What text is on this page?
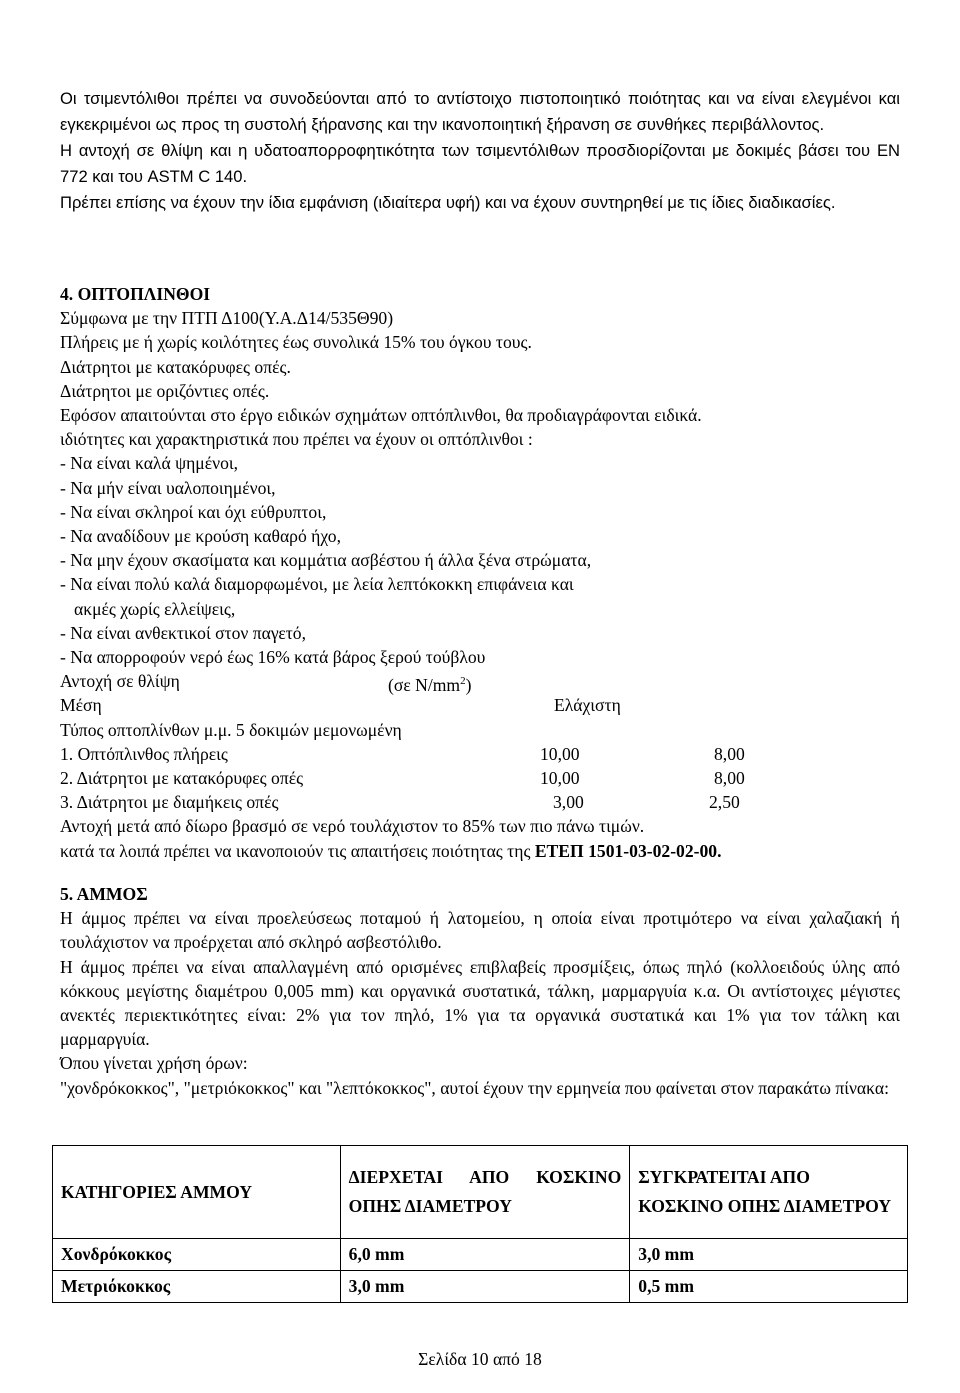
Οι τσιμεντόλιθοι πρέπει να συνοδεύονται από το αντίστοιχο πιστοποιητικό ποιότητας και να είναι ελεγμένοι και εγκεκριμένοι ως προς τη συστολή ξήρανσης και την ικανοποιητική ξήρανση σε συνθήκες περιβάλλοντος.
Η αντοχή σε θλίψη και η υδατοαπορροφητικότητα των τσιμεντόλιθων προσδιορίζονται με δοκιμές βάσει του ΕΝ 772 και του ASTM C 140.
Πρέπει επίσης να έχουν την ίδια εμφάνιση (ιδιαίτερα υφή) και να έχουν συντηρηθεί με τις ίδιες διαδικασίες.
4. ΟΠΤΟΠΛΙΝΘΟΙ
Σύμφωνα με την ΠΤΠ Δ100(Υ.Α.Δ14/535Θ90)
Πλήρεις με ή χωρίς κοιλότητες έως συνολικά 15% του όγκου τους.
Διάτρητοι με κατακόρυφες οπές.
Διάτρητοι με οριζόντιες οπές.
Εφόσον απαιτούνται στο έργο ειδικών σχημάτων οπτόπλινθοι, θα προδιαγράφονται ειδικά.
ιδιότητες και χαρακτηριστικά που πρέπει να έχουν οι οπτόπλινθοι :
- Να είναι καλά ψημένοι,
- Να μήν είναι υαλοποιημένοι,
- Να είναι σκληροί και όχι εύθρυπτοι,
- Να αναδίδουν με κρούση καθαρό ήχο,
- Να μην έχουν σκασίματα και κομμάτια ασβέστου ή άλλα ξένα στρώματα,
- Να είναι πολύ καλά διαμορφωμένοι, με λεία λεπτόκοκκη επιφάνεια και
ακμές χωρίς ελλείψεις,
- Να είναι ανθεκτικοί στον παγετό,
- Να απορροφούν νερό έως 16% κατά βάρος ξερού τούβλου
Αντοχή σε θλίψη	(σε $N/mm^2$)
Μέση	Ελάχιστη
Τύπος οπτοπλίνθων μ.μ. 5 δοκιμών μεμονωμένη
1. Οπτόπλινθος πλήρεις	10,00	8,00
2. Διάτρητοι με κατακόρυφες οπές	10,00	8,00
3. Διάτρητοι με διαμήκεις οπές	3,00	2,50
Αντοχή μετά από δίωρο βρασμό σε νερό τουλάχιστον το 85% των πιο πάνω τιμών.
κατά τα λοιπά πρέπει να ικανοποιούν τις απαιτήσεις ποιότητας της ΕΤΕΠ 1501-03-02-02-00.
5. ΑΜΜΟΣ
Η άμμος πρέπει να είναι προελεύσεως ποταμού ή λατομείου, η οποία είναι προτιμότερο να είναι χαλαζιακή ή τουλάχιστον να προέρχεται από σκληρό ασβεστόλιθο.
Η άμμος πρέπει να είναι απαλλαγμένη από ορισμένες επιβλαβείς προσμίξεις, όπως πηλό (κολλοειδούς ύλης από κόκκους μεγίστης διαμέτρου 0,005 mm) και οργανικά συστατικά, τάλκη, μαρμαργυία κ.α. Οι αντίστοιχες μέγιστες ανεκτές περιεκτικότητες είναι: 2% για τον πηλό, 1% για τα οργανικά συστατικά και 1% για τον τάλκη και μαρμαργυία.
Όπου γίνεται χρήση όρων:
"χονδρόκοκκος", "μετριόκοκκος" και "λεπτόκοκκος", αυτοί έχουν την ερμηνεία που φαίνεται στον παρακάτω πίνακα:
ΚΑΤΗΓΟΡΙΕΣ ΑΜΜΟΥ	ΔΙΕΡΧΕΤΑΙ ΑΠΟ ΚΟΣΚΙΝΟ ΟΠΗΣ ΔΙΑΜΕΤΡΟΥ	ΣΥΓΚΡΑΤΕΙΤΑΙ ΑΠΟ ΚΟΣΚΙΝΟ ΟΠΗΣ ΔΙΑΜΕΤΡΟΥ
Χονδρόκοκκος	6,0 mm	3,0 mm
Μετριόκοκκος	3,0 mm	0,5 mm
Σελίδα 10 από 18
